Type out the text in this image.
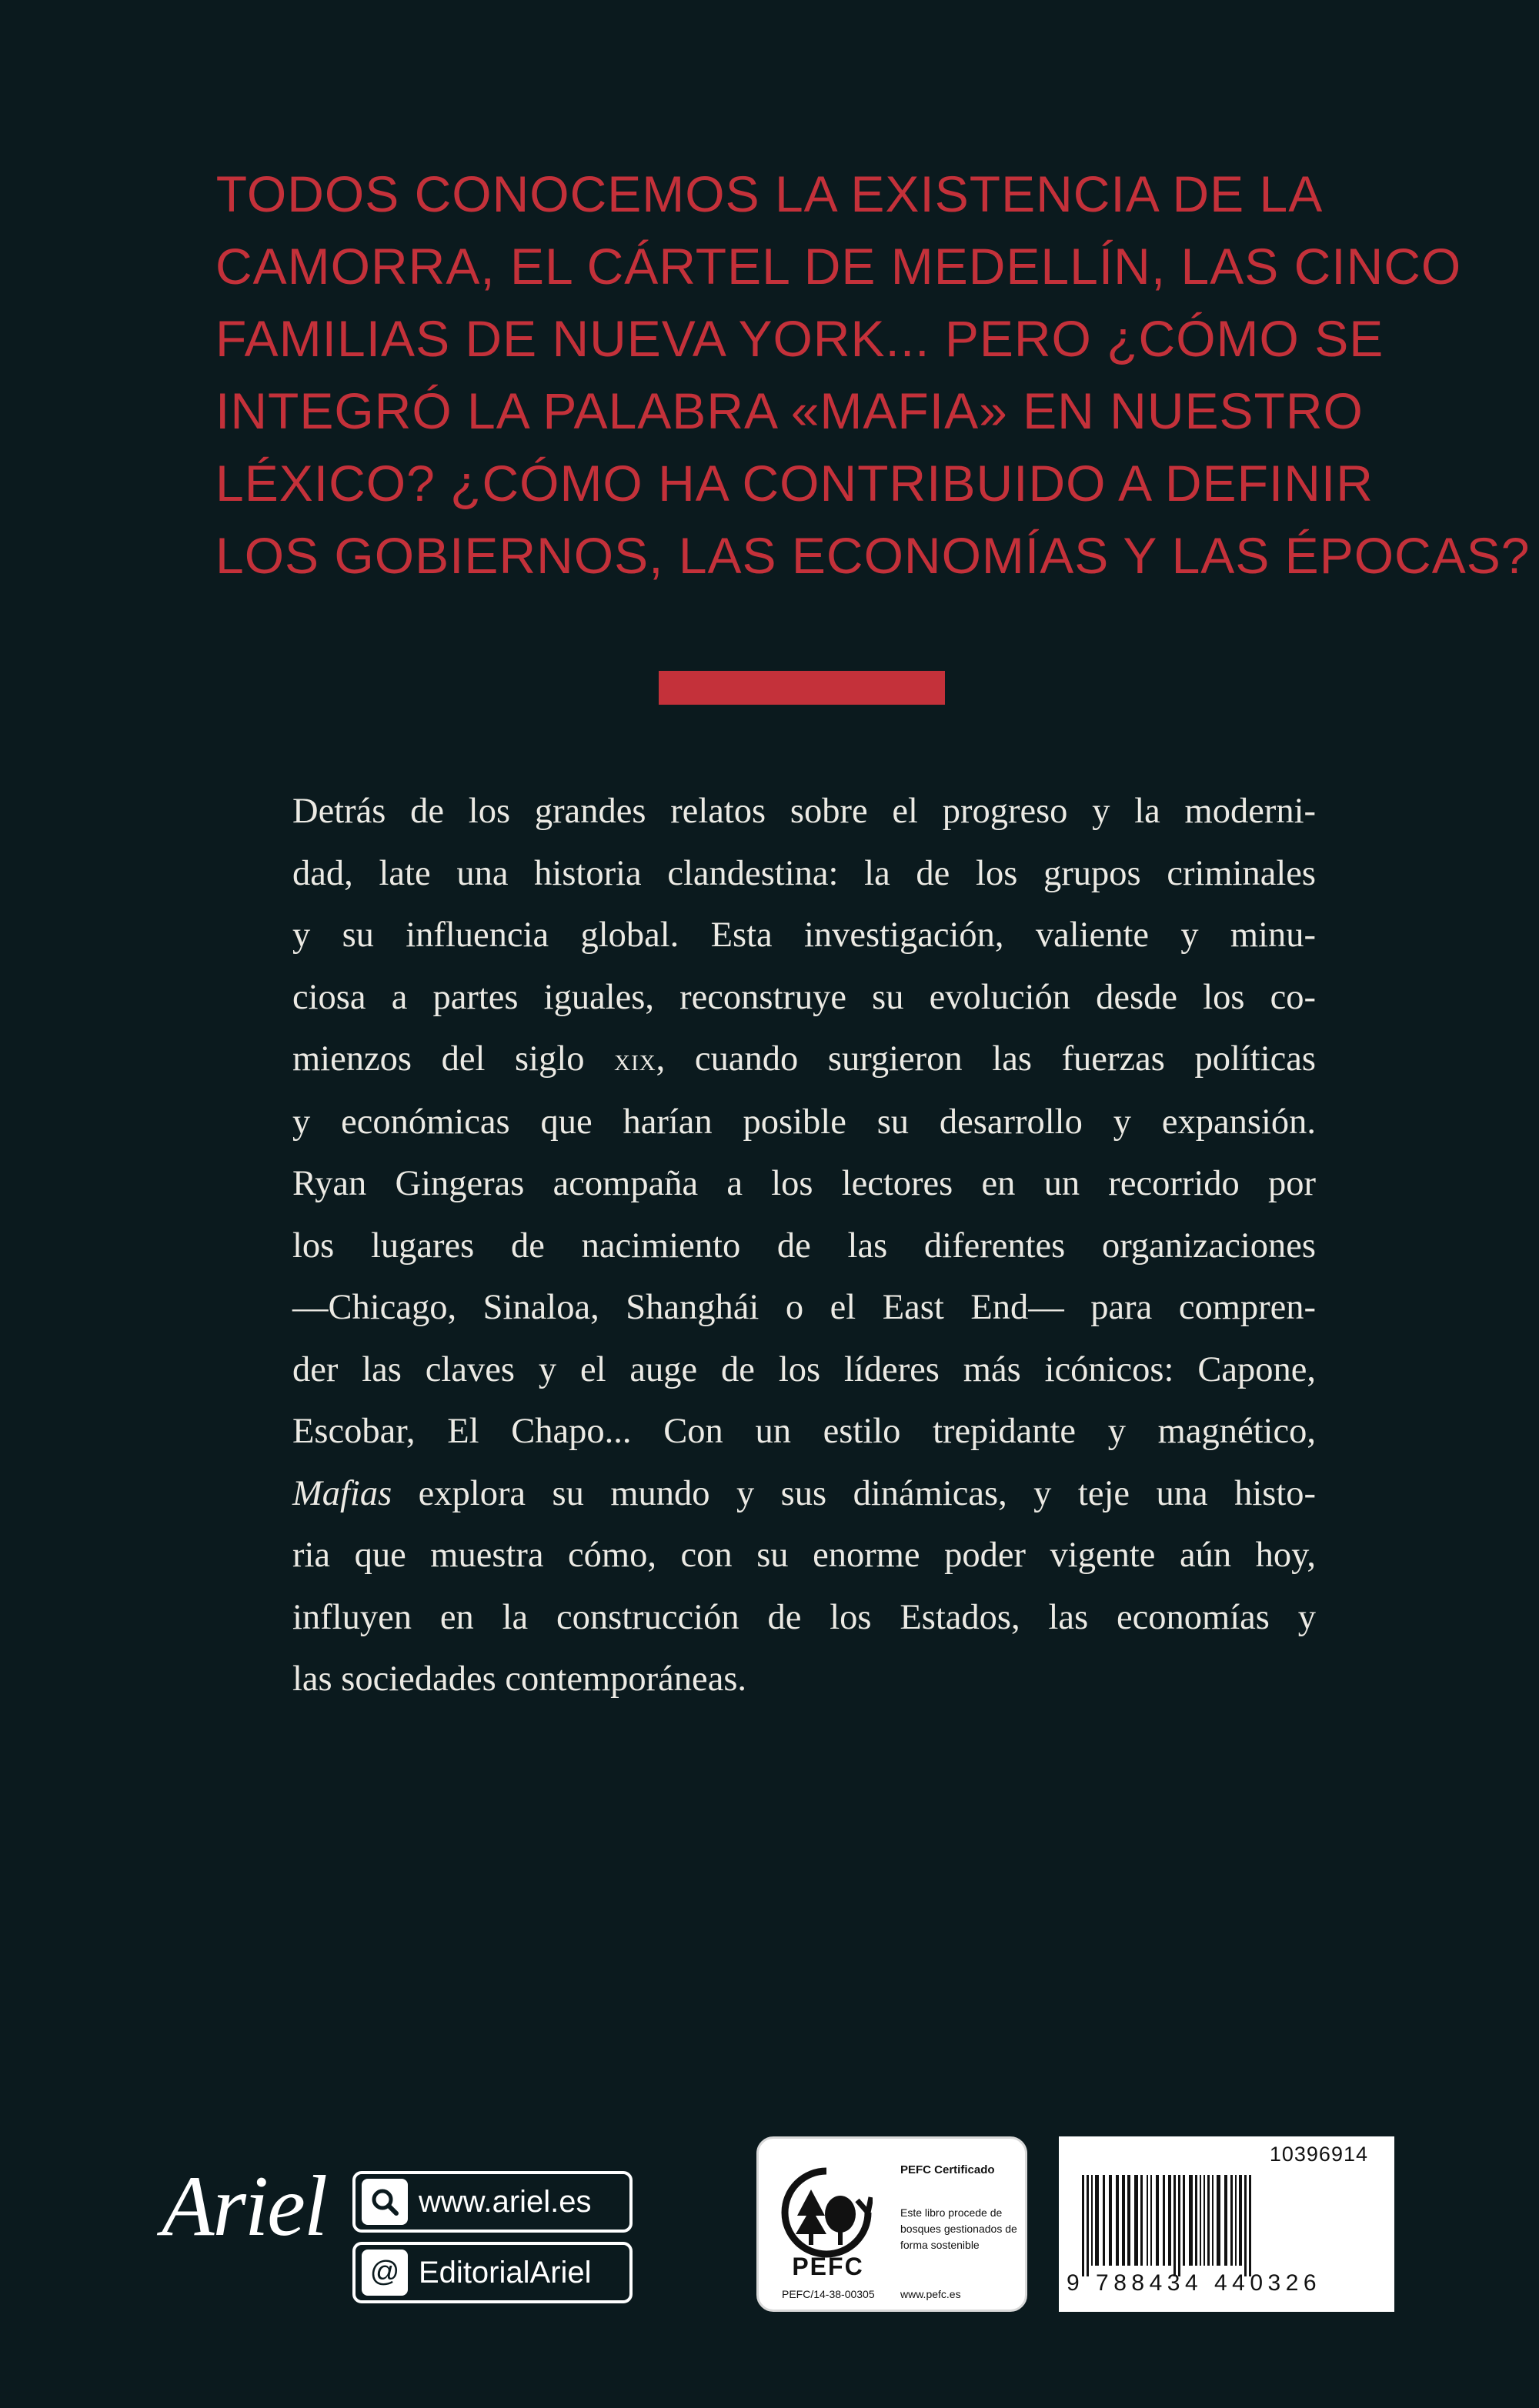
TODOS CONOCEMOS LA EXISTENCIA DE LA
CAMORRA, EL CÁRTEL DE MEDELLÍN, LAS CINCO
FAMILIAS DE NUEVA YORK... PERO ¿CÓMO SE
INTEGRÓ LA PALABRA «MAFIA» EN NUESTRO
LÉXICO? ¿CÓMO HA CONTRIBUIDO A DEFINIR
LOS GOBIERNOS, LAS ECONOMÍAS Y LAS ÉPOCAS?
Detrás de los grandes relatos sobre el progreso y la moderni-
dad, late una historia clandestina: la de los grupos criminales
y su influencia global. Esta investigación, valiente y minu-
ciosa a partes iguales, reconstruye su evolución desde los co-
mienzos del siglo xix, cuando surgieron las fuerzas políticas
y económicas que harían posible su desarrollo y expansión.
Ryan Gingeras acompaña a los lectores en un recorrido por
los lugares de nacimiento de las diferentes organizaciones
—Chicago, Sinaloa, Shanghái o el East End— para compren-
der las claves y el auge de los líderes más icónicos: Capone,
Escobar, El Chapo... Con un estilo trepidante y magnético,
Mafias explora su mundo y sus dinámicas, y teje una histo-
ria que muestra cómo, con su enorme poder vigente aún hoy,
influyen en la construcción de los Estados, las economías y
las sociedades contemporáneas.
Ariel	www.ariel.es
@ EditorialAriel	PEFC
PEFC/14-38-00305
PEFC Certificado
Este libro procede de bosques gestionados de forma sostenible
www.pefc.es
10396914
9 788434 440326
